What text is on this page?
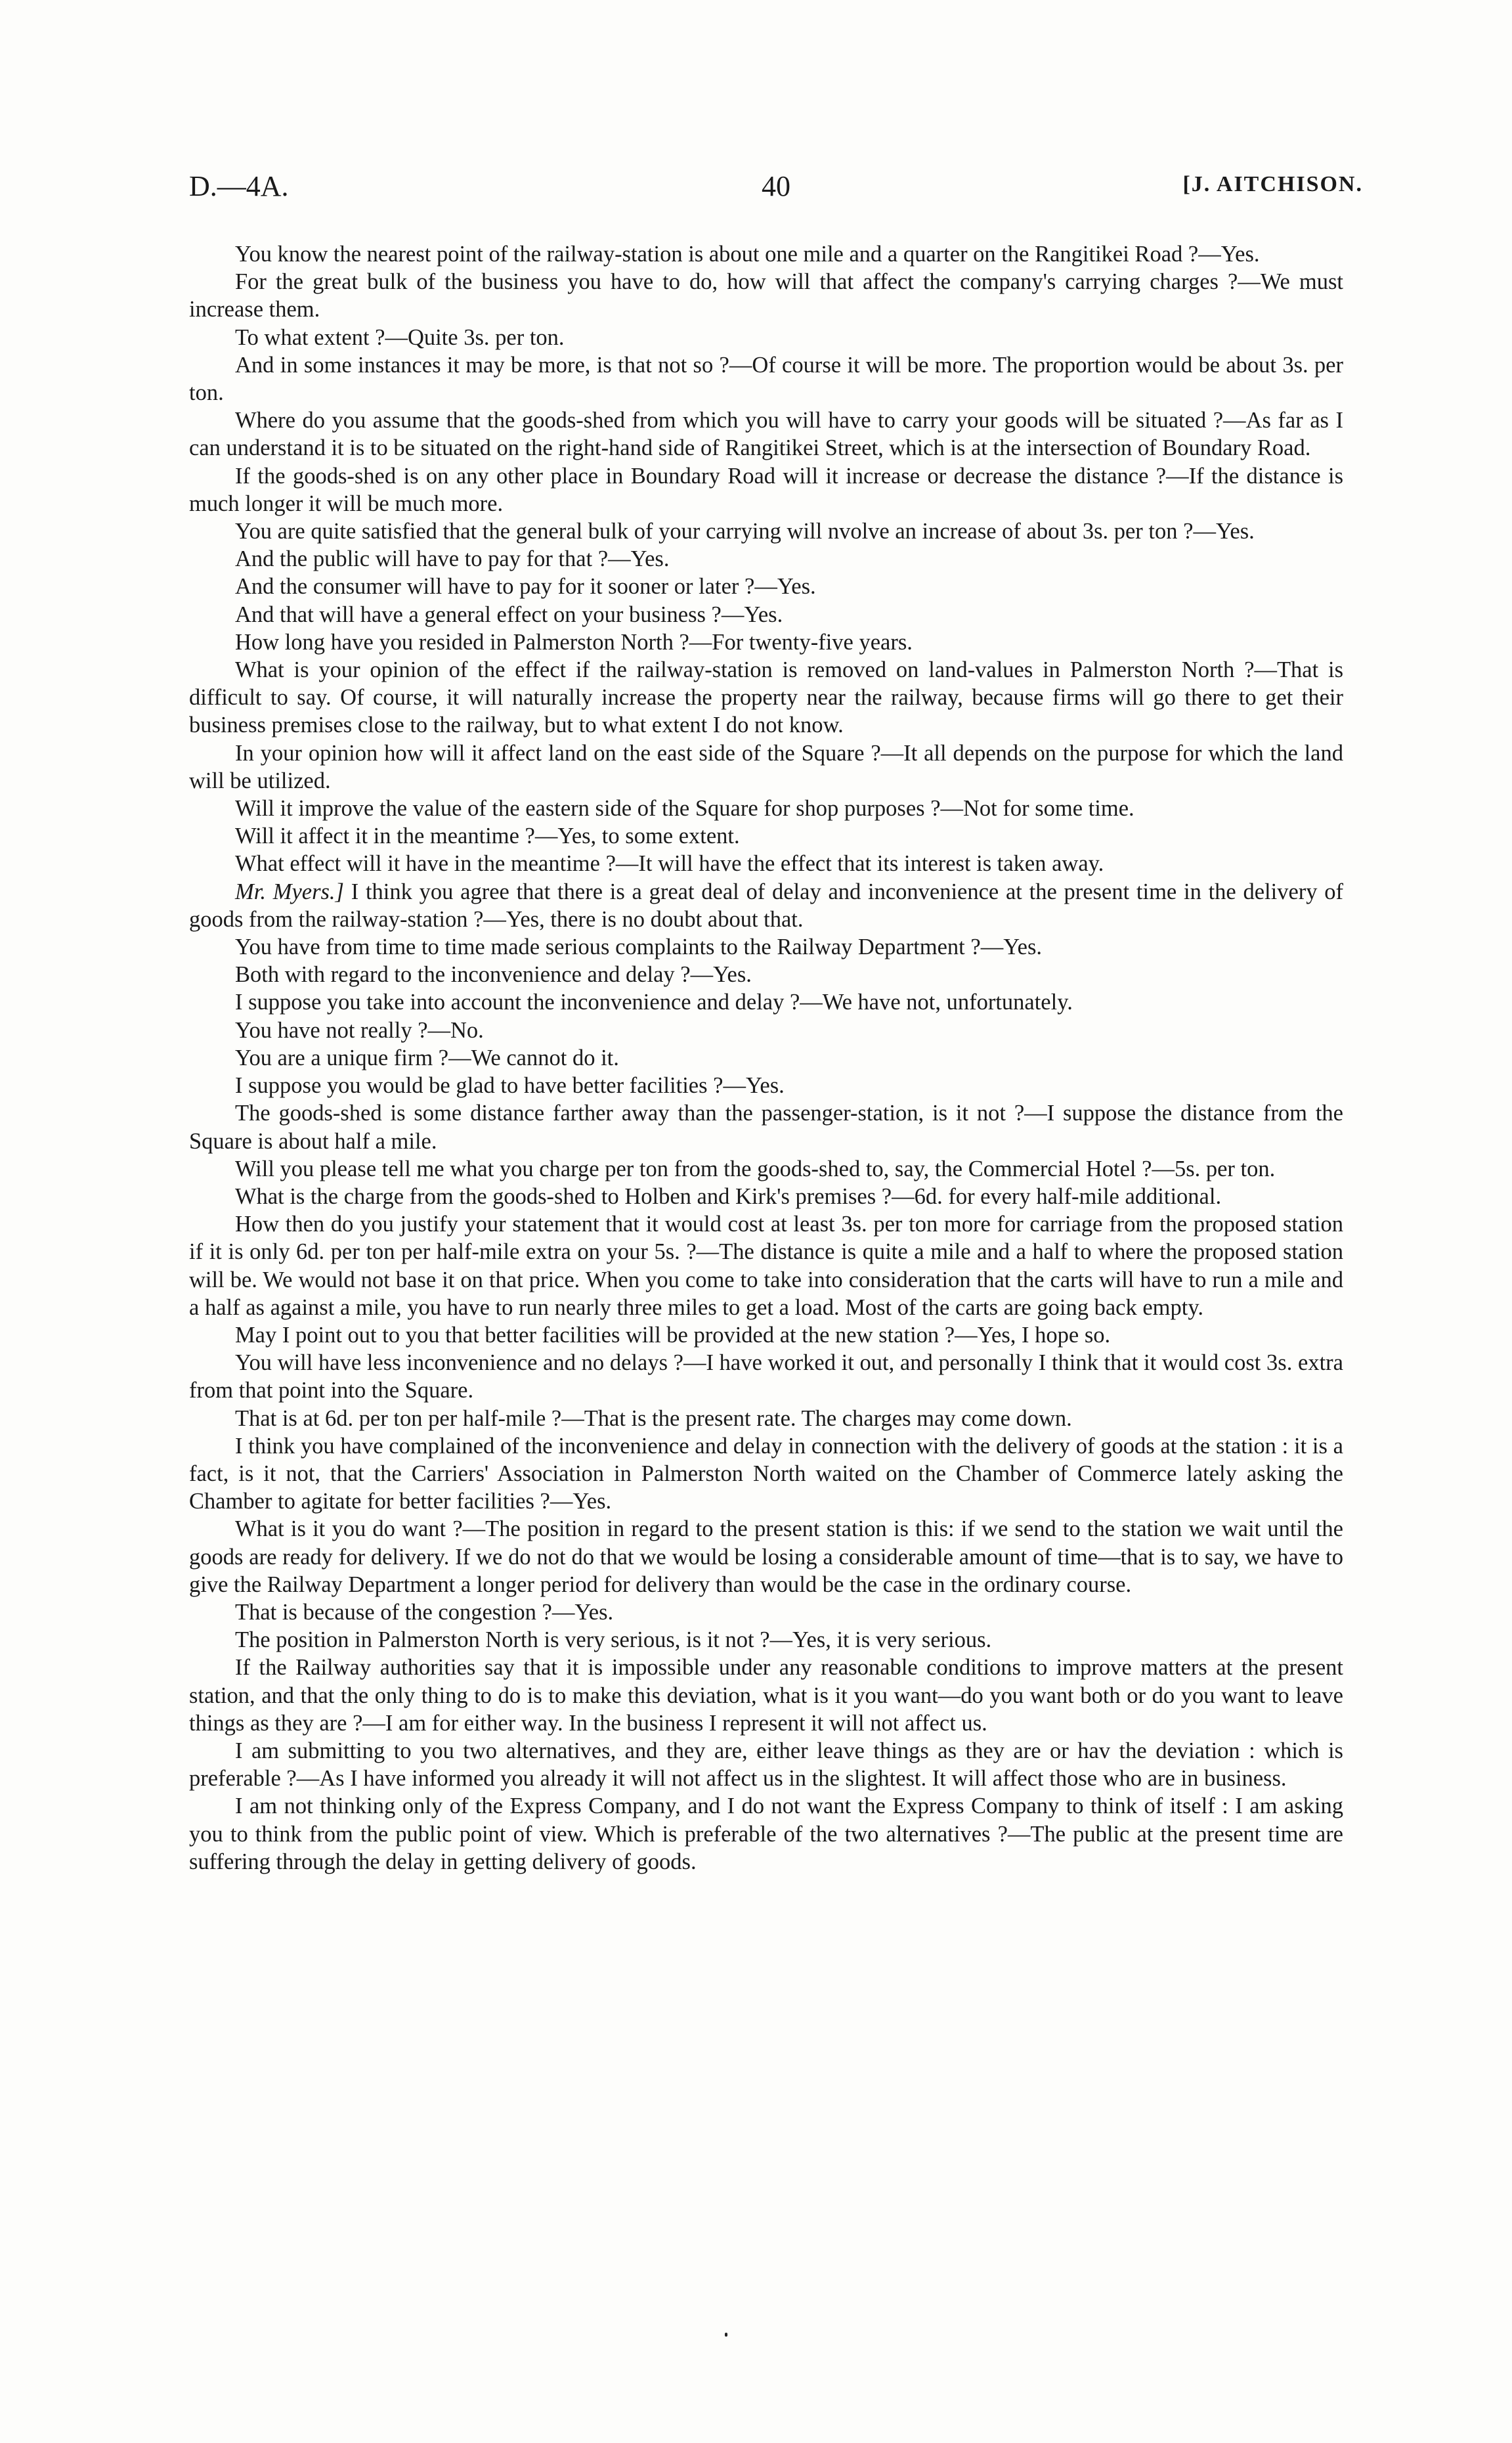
D.—4A.	40	[J. AITCHISON.

You know the nearest point of the railway-station is about one mile and a quarter on the Rangitikei Road ?—Yes.

For the great bulk of the business you have to do, how will that affect the company's carrying charges ?—We must increase them.

To what extent ?—Quite 3s. per ton.

And in some instances it may be more, is that not so ?—Of course it will be more. The proportion would be about 3s. per ton.

Where do you assume that the goods-shed from which you will have to carry your goods will be situated ?—As far as I can understand it is to be situated on the right-hand side of Rangitikei Street, which is at the intersection of Boundary Road.

If the goods-shed is on any other place in Boundary Road will it increase or decrease the distance ?—If the distance is much longer it will be much more.

You are quite satisfied that the general bulk of your carrying will nvolve an increase of about 3s. per ton ?—Yes.

And the public will have to pay for that ?—Yes.

And the consumer will have to pay for it sooner or later ?—Yes.

And that will have a general effect on your business ?—Yes.

How long have you resided in Palmerston North ?—For twenty-five years.

What is your opinion of the effect if the railway-station is removed on land-values in Palmerston North ?—That is difficult to say. Of course, it will naturally increase the property near the railway, because firms will go there to get their business premises close to the railway, but to what extent I do not know.

In your opinion how will it affect land on the east side of the Square ?—It all depends on the purpose for which the land will be utilized.

Will it improve the value of the eastern side of the Square for shop purposes ?—Not for some time.

Will it affect it in the meantime ?—Yes, to some extent.

What effect will it have in the meantime ?—It will have the effect that its interest is taken away.

Mr. Myers.] I think you agree that there is a great deal of delay and inconvenience at the present time in the delivery of goods from the railway-station ?—Yes, there is no doubt about that.

You have from time to time made serious complaints to the Railway Department ?—Yes.

Both with regard to the inconvenience and delay ?—Yes.

I suppose you take into account the inconvenience and delay ?—We have not, unfortunately.

You have not really ?—No.

You are a unique firm ?—We cannot do it.

I suppose you would be glad to have better facilities ?—Yes.

The goods-shed is some distance farther away than the passenger-station, is it not ?—I suppose the distance from the Square is about half a mile.

Will you please tell me what you charge per ton from the goods-shed to, say, the Commercial Hotel ?—5s. per ton.

What is the charge from the goods-shed to Holben and Kirk's premises ?—6d. for every half-mile additional.

How then do you justify your statement that it would cost at least 3s. per ton more for carriage from the proposed station if it is only 6d. per ton per half-mile extra on your 5s. ?—The distance is quite a mile and a half to where the proposed station will be. We would not base it on that price. When you come to take into consideration that the carts will have to run a mile and a half as against a mile, you have to run nearly three miles to get a load. Most of the carts are going back empty.

May I point out to you that better facilities will be provided at the new station ?—Yes, I hope so.

You will have less inconvenience and no delays ?—I have worked it out, and personally I think that it would cost 3s. extra from that point into the Square.

That is at 6d. per ton per half-mile ?—That is the present rate. The charges may come down.

I think you have complained of the inconvenience and delay in connection with the delivery of goods at the station : it is a fact, is it not, that the Carriers' Association in Palmerston North waited on the Chamber of Commerce lately asking the Chamber to agitate for better facilities ?—Yes.

What is it you do want ?—The position in regard to the present station is this: if we send to the station we wait until the goods are ready for delivery. If we do not do that we would be losing a considerable amount of time—that is to say, we have to give the Railway Department a longer period for delivery than would be the case in the ordinary course.

That is because of the congestion ?—Yes.

The position in Palmerston North is very serious, is it not ?—Yes, it is very serious.

If the Railway authorities say that it is impossible under any reasonable conditions to improve matters at the present station, and that the only thing to do is to make this deviation, what is it you want—do you want both or do you want to leave things as they are ?—I am for either way. In the business I represent it will not affect us.

I am submitting to you two alternatives, and they are, either leave things as they are or hav the deviation : which is preferable ?—As I have informed you already it will not affect us in the slightest. It will affect those who are in business.

I am not thinking only of the Express Company, and I do not want the Express Company to think of itself : I am asking you to think from the public point of view. Which is preferable of the two alternatives ?—The public at the present time are suffering through the delay in getting delivery of goods.
